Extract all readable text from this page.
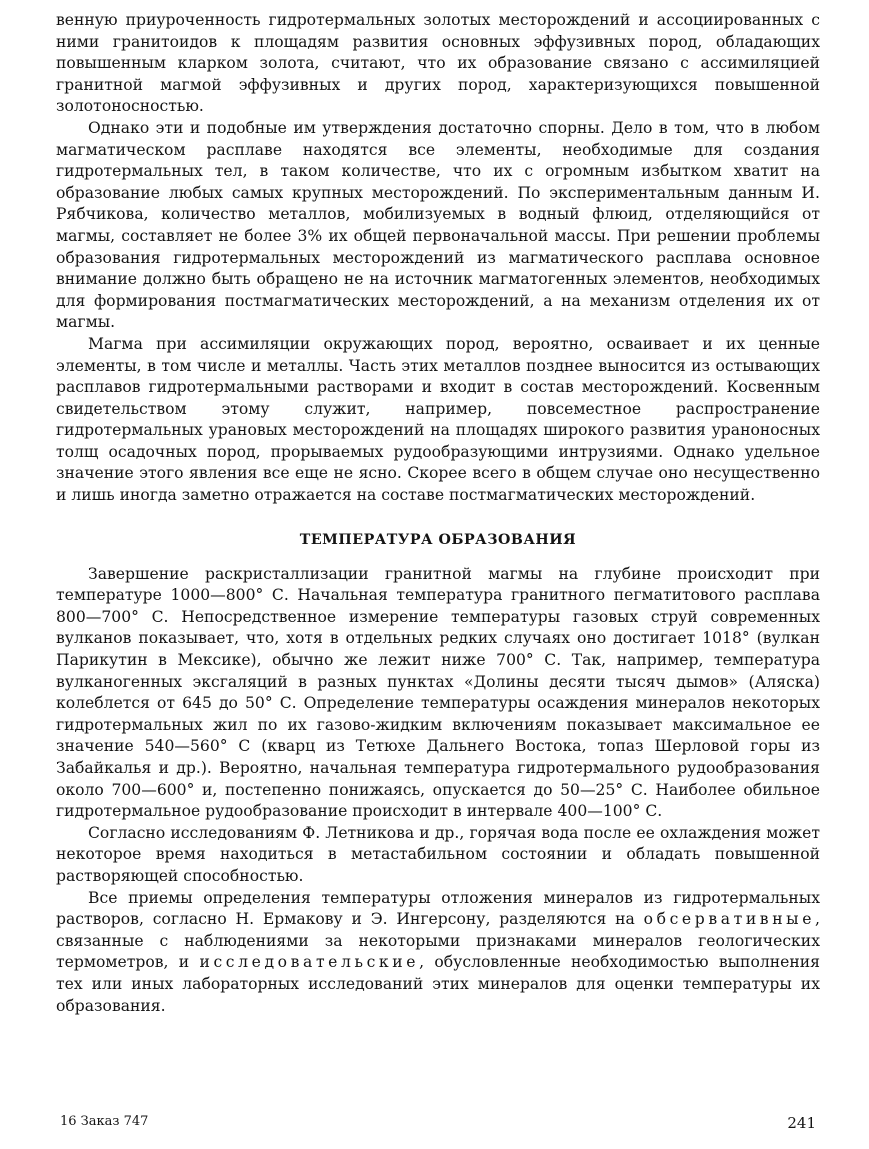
венную приуроченность гидротермальных золотых месторождений и ассоциированных с ними гранитоидов к площадям развития основных эффузивных пород, обладающих повышенным кларком золота, считают, что их образование связано с ассимиляцией гранитной магмой эффузивных и других пород, характеризующихся повышенной золотоносностью.

Однако эти и подобные им утверждения достаточно спорны. Дело в том, что в любом магматическом расплаве находятся все элементы, необходимые для создания гидротермальных тел, в таком количестве, что их с огромным избытком хватит на образование любых самых крупных месторождений. По экспериментальным данным И. Рябчикова, количество металлов, мобилизуемых в водный флюид, отделяющийся от магмы, составляет не более 3% их общей первоначальной массы. При решении проблемы образования гидротермальных месторождений из магматического расплава основное внимание должно быть обращено не на источник магматогенных элементов, необходимых для формирования постмагматических месторождений, а на механизм отделения их от магмы.

Магма при ассимиляции окружающих пород, вероятно, осваивает и их ценные элементы, в том числе и металлы. Часть этих металлов позднее выносится из остывающих расплавов гидротермальными растворами и входит в состав месторождений. Косвенным свидетельством этому служит, например, повсеместное распространение гидротермальных урановых месторождений на площадях широкого развития ураноносных толщ осадочных пород, прорываемых рудообразующими интрузиями. Однако удельное значение этого явления все еще не ясно. Скорее всего в общем случае оно несущественно и лишь иногда заметно отражается на составе постмагматических месторождений.

ТЕМПЕРАТУРА ОБРАЗОВАНИЯ

Завершение раскристаллизации гранитной магмы на глубине происходит при температуре 1000—800° С. Начальная температура гранитного пегматитового расплава 800—700° С. Непосредственное измерение температуры газовых струй современных вулканов показывает, что, хотя в отдельных редких случаях оно достигает 1018° (вулкан Парикутин в Мексике), обычно же лежит ниже 700° С. Так, например, температура вулканогенных эксгаляций в разных пунктах «Долины десяти тысяч дымов» (Аляска) колеблется от 645 до 50° С. Определение температуры осаждения минералов некоторых гидротермальных жил по их газово-жидким включениям показывает максимальное ее значение 540—560° С (кварц из Тетюхе Дальнего Востока, топаз Шерловой горы из Забайкалья и др.). Вероятно, начальная температура гидротермального рудообразования около 700—600° и, постепенно понижаясь, опускается до 50—25° С. Наиболее обильное гидротермальное рудообразование происходит в интервале 400—100° С.

Согласно исследованиям Ф. Летникова и др., горячая вода после ее охлаждения может некоторое время находиться в метастабильном состоянии и обладать повышенной растворяющей способностью.

Все приемы определения температуры отложения минералов из гидротермальных растворов, согласно Н. Ермакову и Э. Ингерсону, разделяются на обсервативные, связанные с наблюдениями за некоторыми признаками минералов геологических термометров, и исследовательские, обусловленные необходимостью выполнения тех или иных лабораторных исследований этих минералов для оценки температуры их образования.

16 Заказ 747	241
